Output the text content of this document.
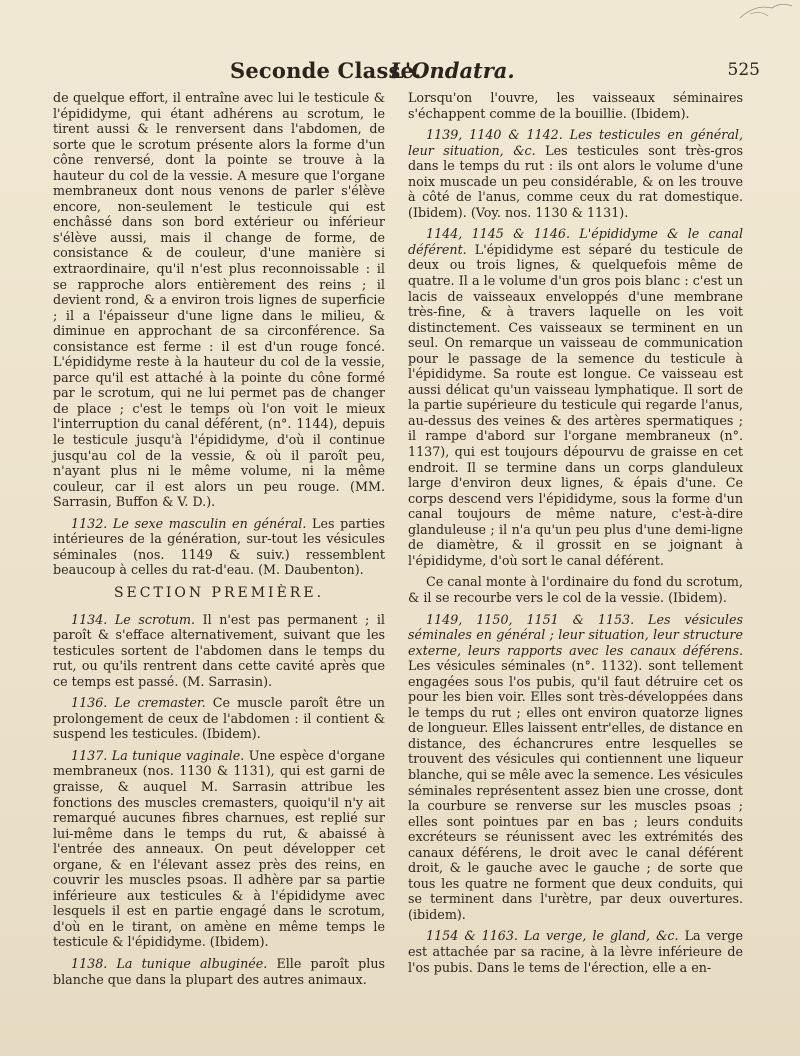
Seconde Classe.
L'Ondatra.	525

de quelque effort, il entraîne avec lui le testicule & l'épididyme, qui étant adhérens au scrotum, le tirent aussi & le renversent dans l'abdomen, de sorte que le scrotum présente alors la forme d'un cône renversé, dont la pointe se trouve à la hauteur du col de la vessie. A mesure que l'organe membraneux dont nous venons de parler s'élève encore, non-seulement le testicule qui est enchâssé dans son bord extérieur ou inférieur s'élève aussi, mais il change de forme, de consistance & de couleur, d'une manière si extraordinaire, qu'il n'est plus reconnoissable : il se rapproche alors entièrement des reins ; il devient rond, & a environ trois lignes de superficie ; il a l'épaisseur d'une ligne dans le milieu, & diminue en approchant de sa circonférence. Sa consistance est ferme : il est d'un rouge foncé. L'épididyme reste à la hauteur du col de la vessie, parce qu'il est attaché à la pointe du cône formé par le scrotum, qui ne lui permet pas de changer de place ; c'est le temps où l'on voit le mieux l'interruption du canal déférent, (n°. 1144), depuis le testicule jusqu'à l'épididyme, d'où il continue jusqu'au col de la vessie, & où il paroît peu, n'ayant plus ni le même volume, ni la même couleur, car il est alors un peu rouge. (MM. Sarrasin, Buffon & V. D.).

1132. Le sexe masculin en général. Les parties intérieures de la génération, sur-tout les vésicules séminales (nos. 1149 & suiv.) ressemblent beaucoup à celles du rat-d'eau. (M. Daubenton).

SECTION PREMIÈRE.

1134. Le scrotum. Il n'est pas permanent ; il paroît & s'efface alternativement, suivant que les testicules sortent de l'abdomen dans le temps du rut, ou qu'ils rentrent dans cette cavité après que ce temps est passé. (M. Sarrasin).

1136. Le cremaster. Ce muscle paroît être un prolongement de ceux de l'abdomen : il contient & suspend les testicules. (Ibidem).

1137. La tunique vaginale. Une espèce d'organe membraneux (nos. 1130 & 1131), qui est garni de graisse, & auquel M. Sarrasin attribue les fonctions des muscles cremasters, quoiqu'il n'y ait remarqué aucunes fibres charnues, est replié sur lui-même dans le temps du rut, & abaissé à l'entrée des anneaux. On peut développer cet organe, & en l'élevant assez près des reins, en couvrir les muscles psoas. Il adhère par sa partie inférieure aux testicules & à l'épididyme avec lesquels il est en partie engagé dans le scrotum, d'où en le tirant, on amène en même temps le testicule & l'épididyme. (Ibidem).

1138. La tunique albuginée. Elle paroît plus blanche que dans la plupart des autres animaux.

Lorsqu'on l'ouvre, les vaisseaux séminaires s'échappent comme de la bouillie. (Ibidem).

1139, 1140 & 1142. Les testicules en général, leur situation, &c. Les testicules sont très-gros dans le temps du rut : ils ont alors le volume d'une noix muscade un peu considérable, & on les trouve à côté de l'anus, comme ceux du rat domestique. (Ibidem). (Voy. nos. 1130 & 1131).

1144, 1145 & 1146. L'épididyme & le canal déférent. L'épididyme est séparé du testicule de deux ou trois lignes, & quelquefois même de quatre. Il a le volume d'un gros pois blanc : c'est un lacis de vaisseaux enveloppés d'une membrane très-fine, & à travers laquelle on les voit distinctement. Ces vaisseaux se terminent en un seul. On remarque un vaisseau de communication pour le passage de la semence du testicule à l'épididyme. Sa route est longue. Ce vaisseau est aussi délicat qu'un vaisseau lymphatique. Il sort de la partie supérieure du testicule qui regarde l'anus, au-dessus des veines & des artères spermatiques ; il rampe d'abord sur l'organe membraneux (n°. 1137), qui est toujours dépourvu de graisse en cet endroit. Il se termine dans un corps glanduleux large d'environ deux lignes, & épais d'une. Ce corps descend vers l'épididyme, sous la forme d'un canal toujours de même nature, c'est-à-dire glanduleuse ; il n'a qu'un peu plus d'une demi-ligne de diamètre, & il grossit en se joignant à l'épididyme, d'où sort le canal déférent.

Ce canal monte à l'ordinaire du fond du scrotum, & il se recourbe vers le col de la vessie. (Ibidem).

1149, 1150, 1151 & 1153. Les vésicules séminales en général ; leur situation, leur structure externe, leurs rapports avec les canaux déférens. Les vésicules séminales (n°. 1132). sont tellement engagées sous l'os pubis, qu'il faut détruire cet os pour les bien voir. Elles sont très-développées dans le temps du rut ; elles ont environ quatorze lignes de longueur. Elles laissent entr'elles, de distance en distance, des échancrures entre lesquelles se trouvent des vésicules qui contiennent une liqueur blanche, qui se mêle avec la semence. Les vésicules séminales représentent assez bien une crosse, dont la courbure se renverse sur les muscles psoas ; elles sont pointues par en bas ; leurs conduits excréteurs se réunissent avec les extrémités des canaux déférens, le droit avec le canal déférent droit, & le gauche avec le gauche ; de sorte que tous les quatre ne forment que deux conduits, qui se terminent dans l'urètre, par deux ouvertures. (ibidem).

1154 & 1163. La verge, le gland, &c. La verge est attachée par sa racine, à la lèvre inférieure de l'os pubis. Dans le tems de l'érection, elle a en-
